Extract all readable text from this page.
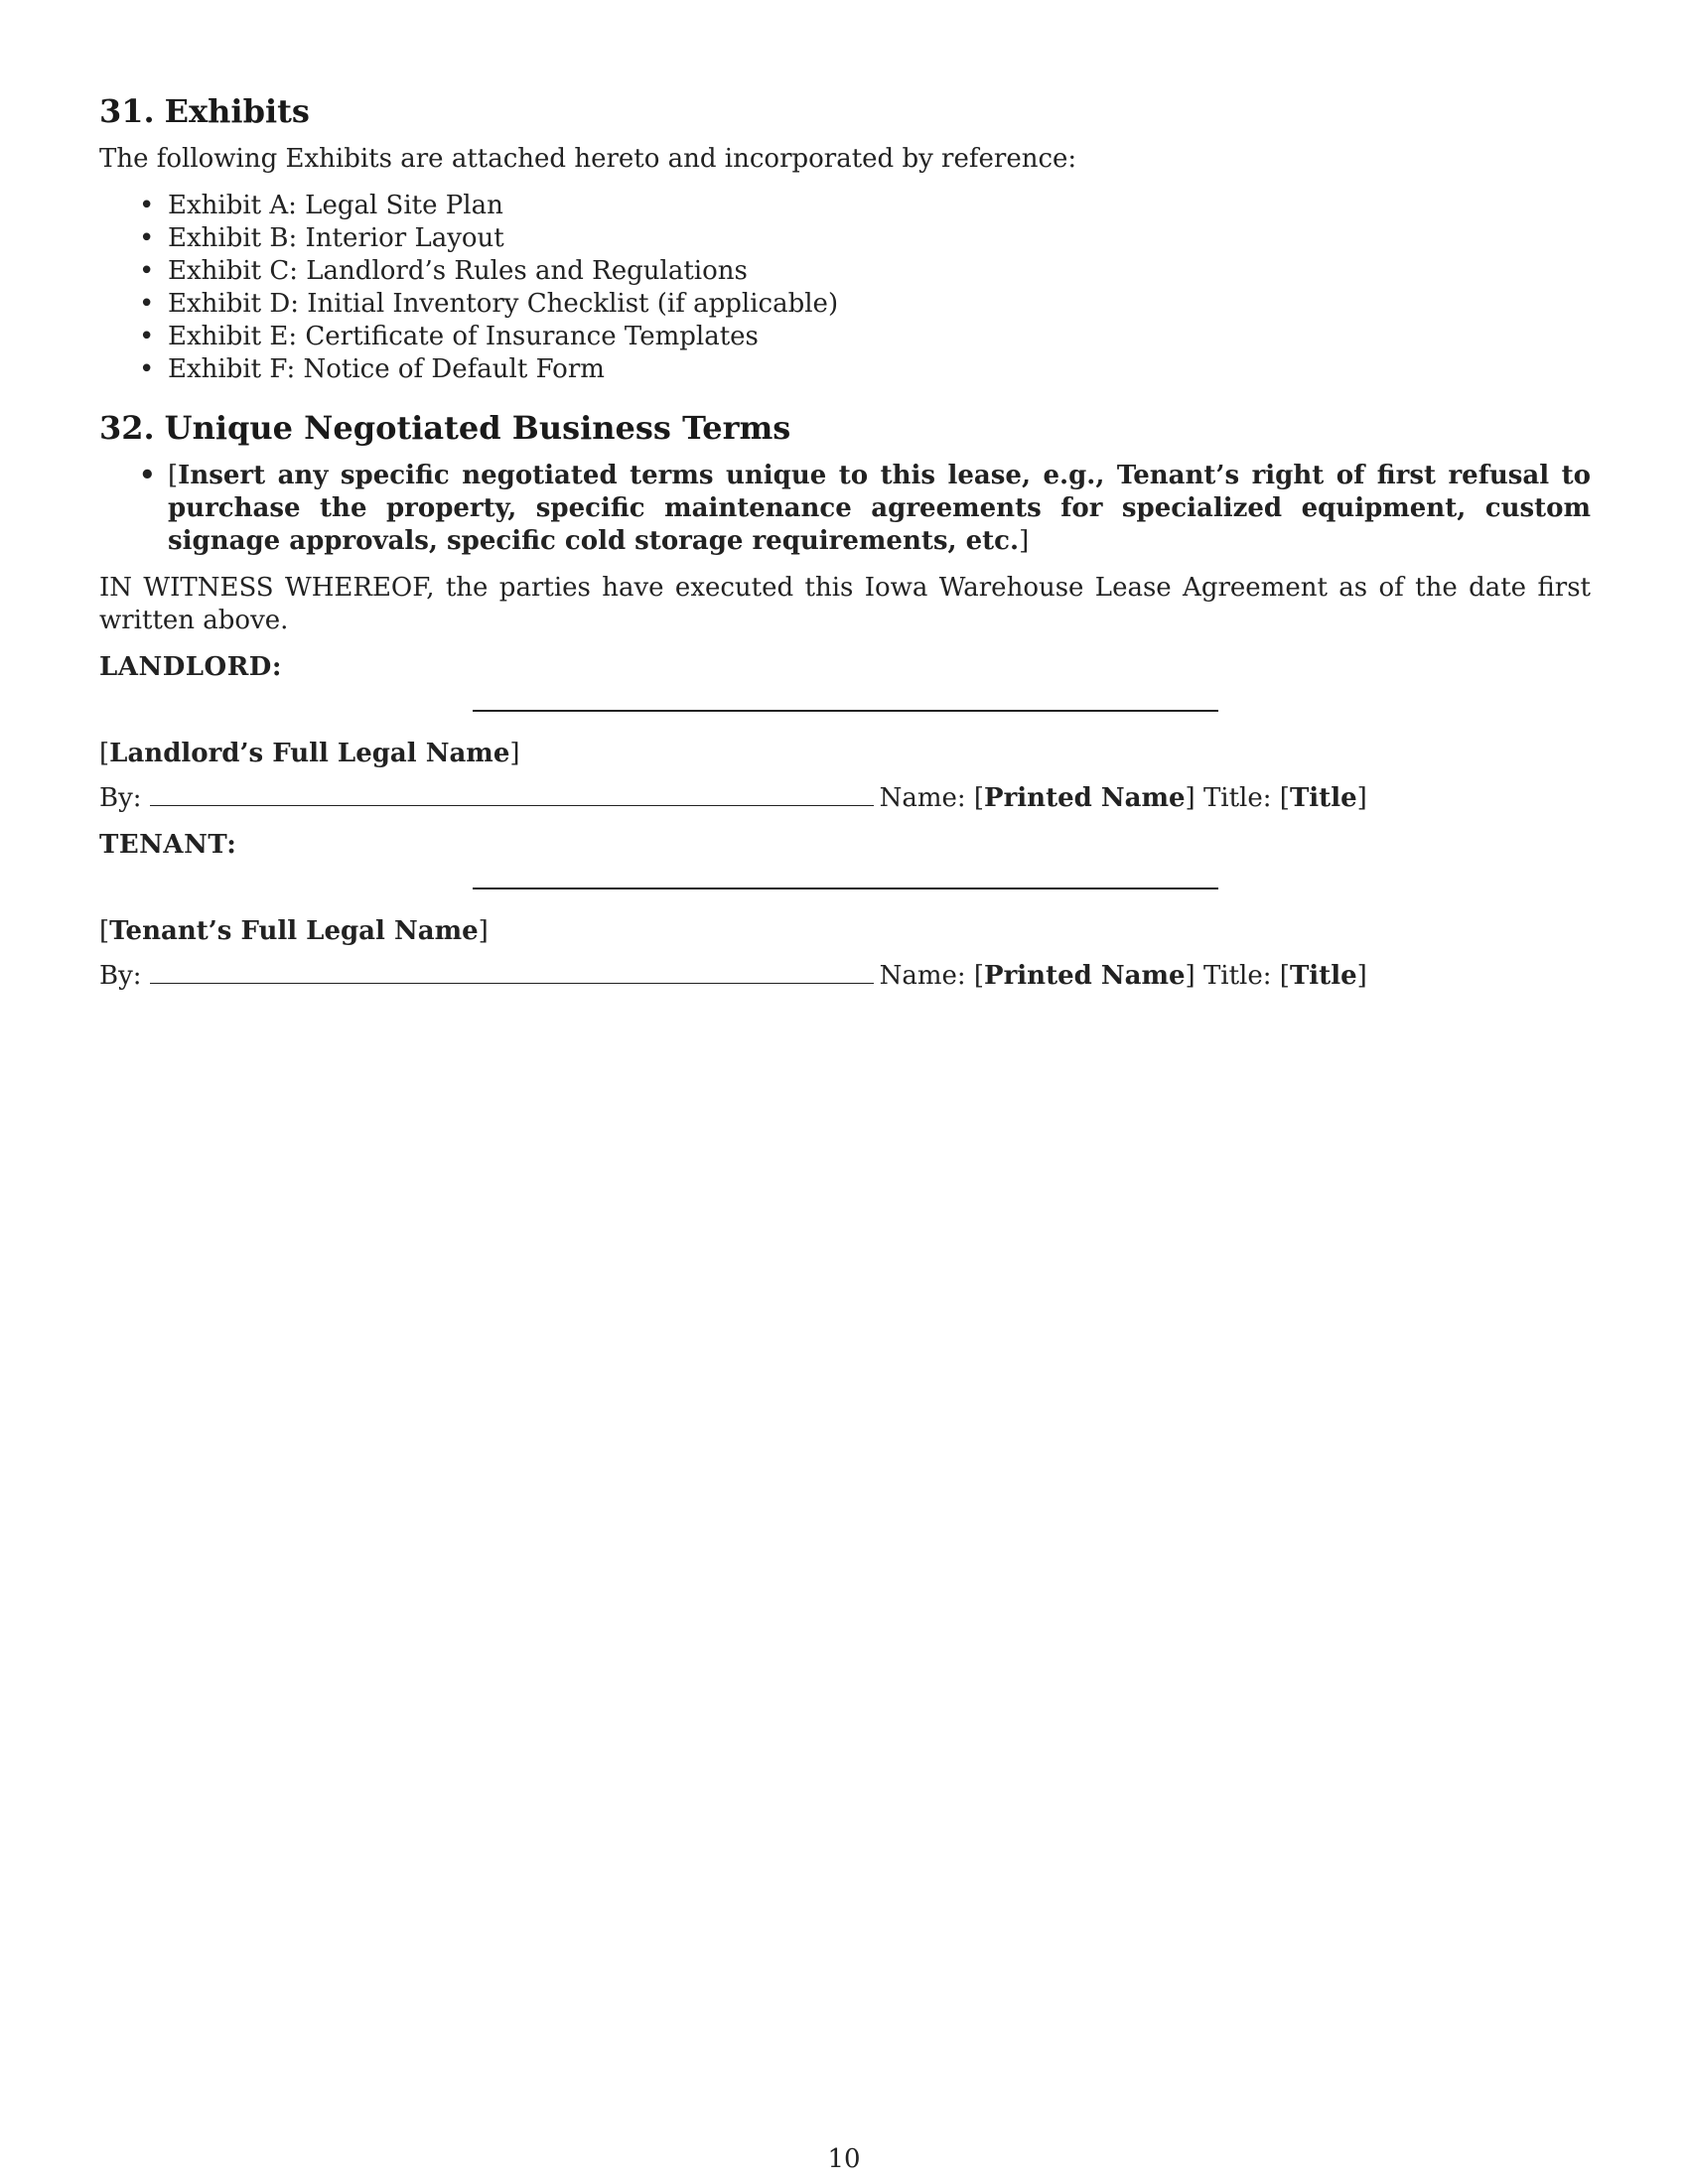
31. Exhibits

The following Exhibits are attached hereto and incorporated by reference:

• Exhibit A: Legal Site Plan
• Exhibit B: Interior Layout
• Exhibit C: Landlord’s Rules and Regulations
• Exhibit D: Initial Inventory Checklist (if applicable)
• Exhibit E: Certificate of Insurance Templates
• Exhibit F: Notice of Default Form
32. Unique Negotiated Business Terms
• [Insert any specific negotiated terms unique to this lease, e.g., Tenant’s right of first refusal to purchase the property, specific maintenance agreements for specialized equipment, custom signage approvals, specific cold storage requirements, etc.]

IN WITNESS WHEREOF, the parties have executed this Iowa Warehouse Lease Agreement as of the date first written above.

LANDLORD:
[Landlord’s Full Legal Name]
By:	Name: [Printed Name] Title: [Title]
TENANT:
[Tenant’s Full Legal Name]
By:	Name: [Printed Name] Title: [Title]
10
